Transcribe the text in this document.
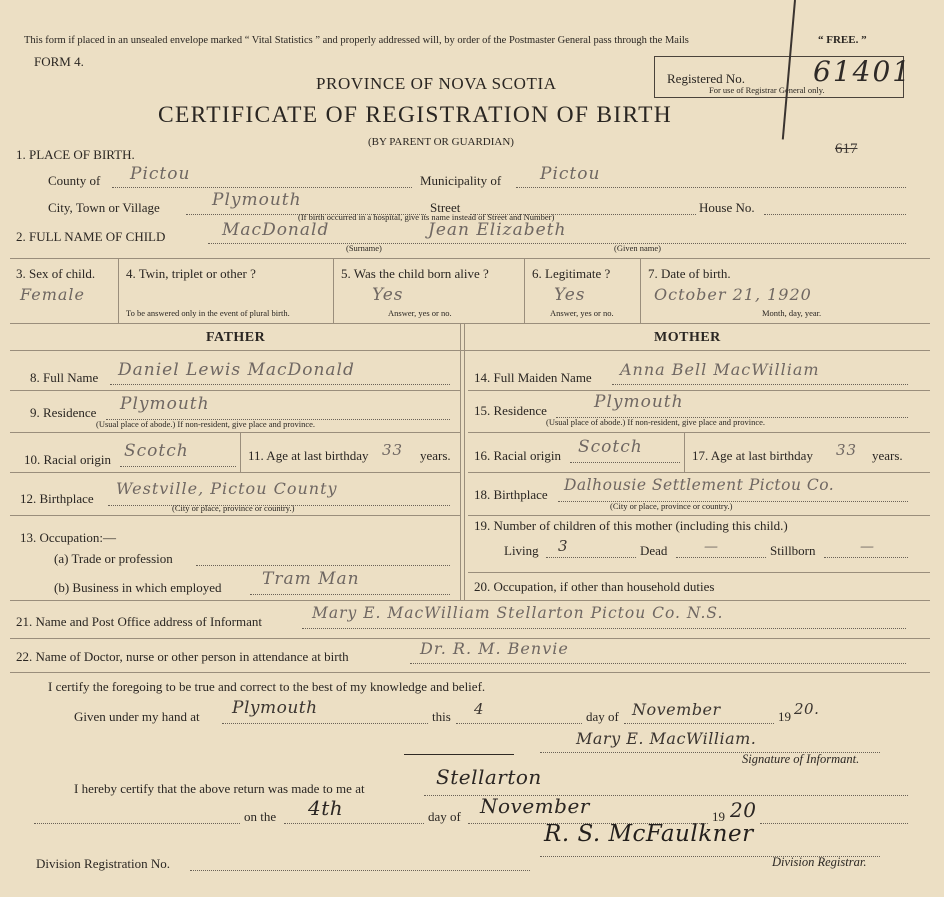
This form if placed in an unsealed envelope marked “ Vital Statistics ” and properly addressed will, by order of the Postmaster General pass through the Mails	“ FREE. ”
FORM 4.
PROVINCE OF NOVA SCOTIA
CERTIFICATE OF REGISTRATION OF BIRTH
(BY PARENT OR GUARDIAN)
Registered No.
For use of Registrar General only.
61401
617
1. PLACE OF BIRTH.
County of Pictou	Municipality of Pictou
City, Town or Village	Plymouth	Street	House No.
(If birth occurred in a hospital, give its name instead of Street and Number)
2. FULL NAME OF CHILD	MacDonald	Jean Elizabeth
(Surname)	(Given name)
3. Sex of child.
Female
4. Twin, triplet or other ?
To be answered only in the event of plural birth.
5. Was the child born alive ?
Yes
Answer, yes or no.
6. Legitimate ?
Yes
Answer, yes or no.
7. Date of birth.
October 21, 1920
Month, day, year.
FATHER
8. Full Name Daniel Lewis MacDonald
9. Residence Plymouth
(Usual place of abode.) If non-resident, give place and province.
10. Racial origin Scotch	11. Age at last birthday 33 years.
12. Birthplace
Westville, Pictou County
(City or place, province or country.)
13. Occupation:—
(a) Trade or profession
(b) Business in which employed Tram Man
MOTHER
14. Full Maiden Name Anna Bell MacWilliam
15. Residence	Plymouth
(Usual place of abode.) If non-resident, give place and province.
16. Racial origin Scotch	17. Age at last birthday 33 years.
18. Birthplace
Dalhousie Settlement Pictou Co.
(City or place, province or country.)
19. Number of children of this mother (including this child.)
Living 3	Dead	—	Stillborn	—
20. Occupation, if other than household duties
21. Name and Post Office address of Informant	Mary E. MacWilliam Stellarton Pictou Co. N.S.
22. Name of Doctor, nurse or other person in attendance at birth	Dr. R. M. Benvie
I certify the foregoing to be true and correct to the best of my knowledge and belief.
Given under my hand at Plymouth	this 4	day of November	19 20.
Mary E. MacWilliam.
Signature of Informant.
I hereby certify that the above return was made to me at	Stellarton
on the 4th	day of November	19 20
Division Registration No.
R. S. McFaulkner
Division Registrar.
